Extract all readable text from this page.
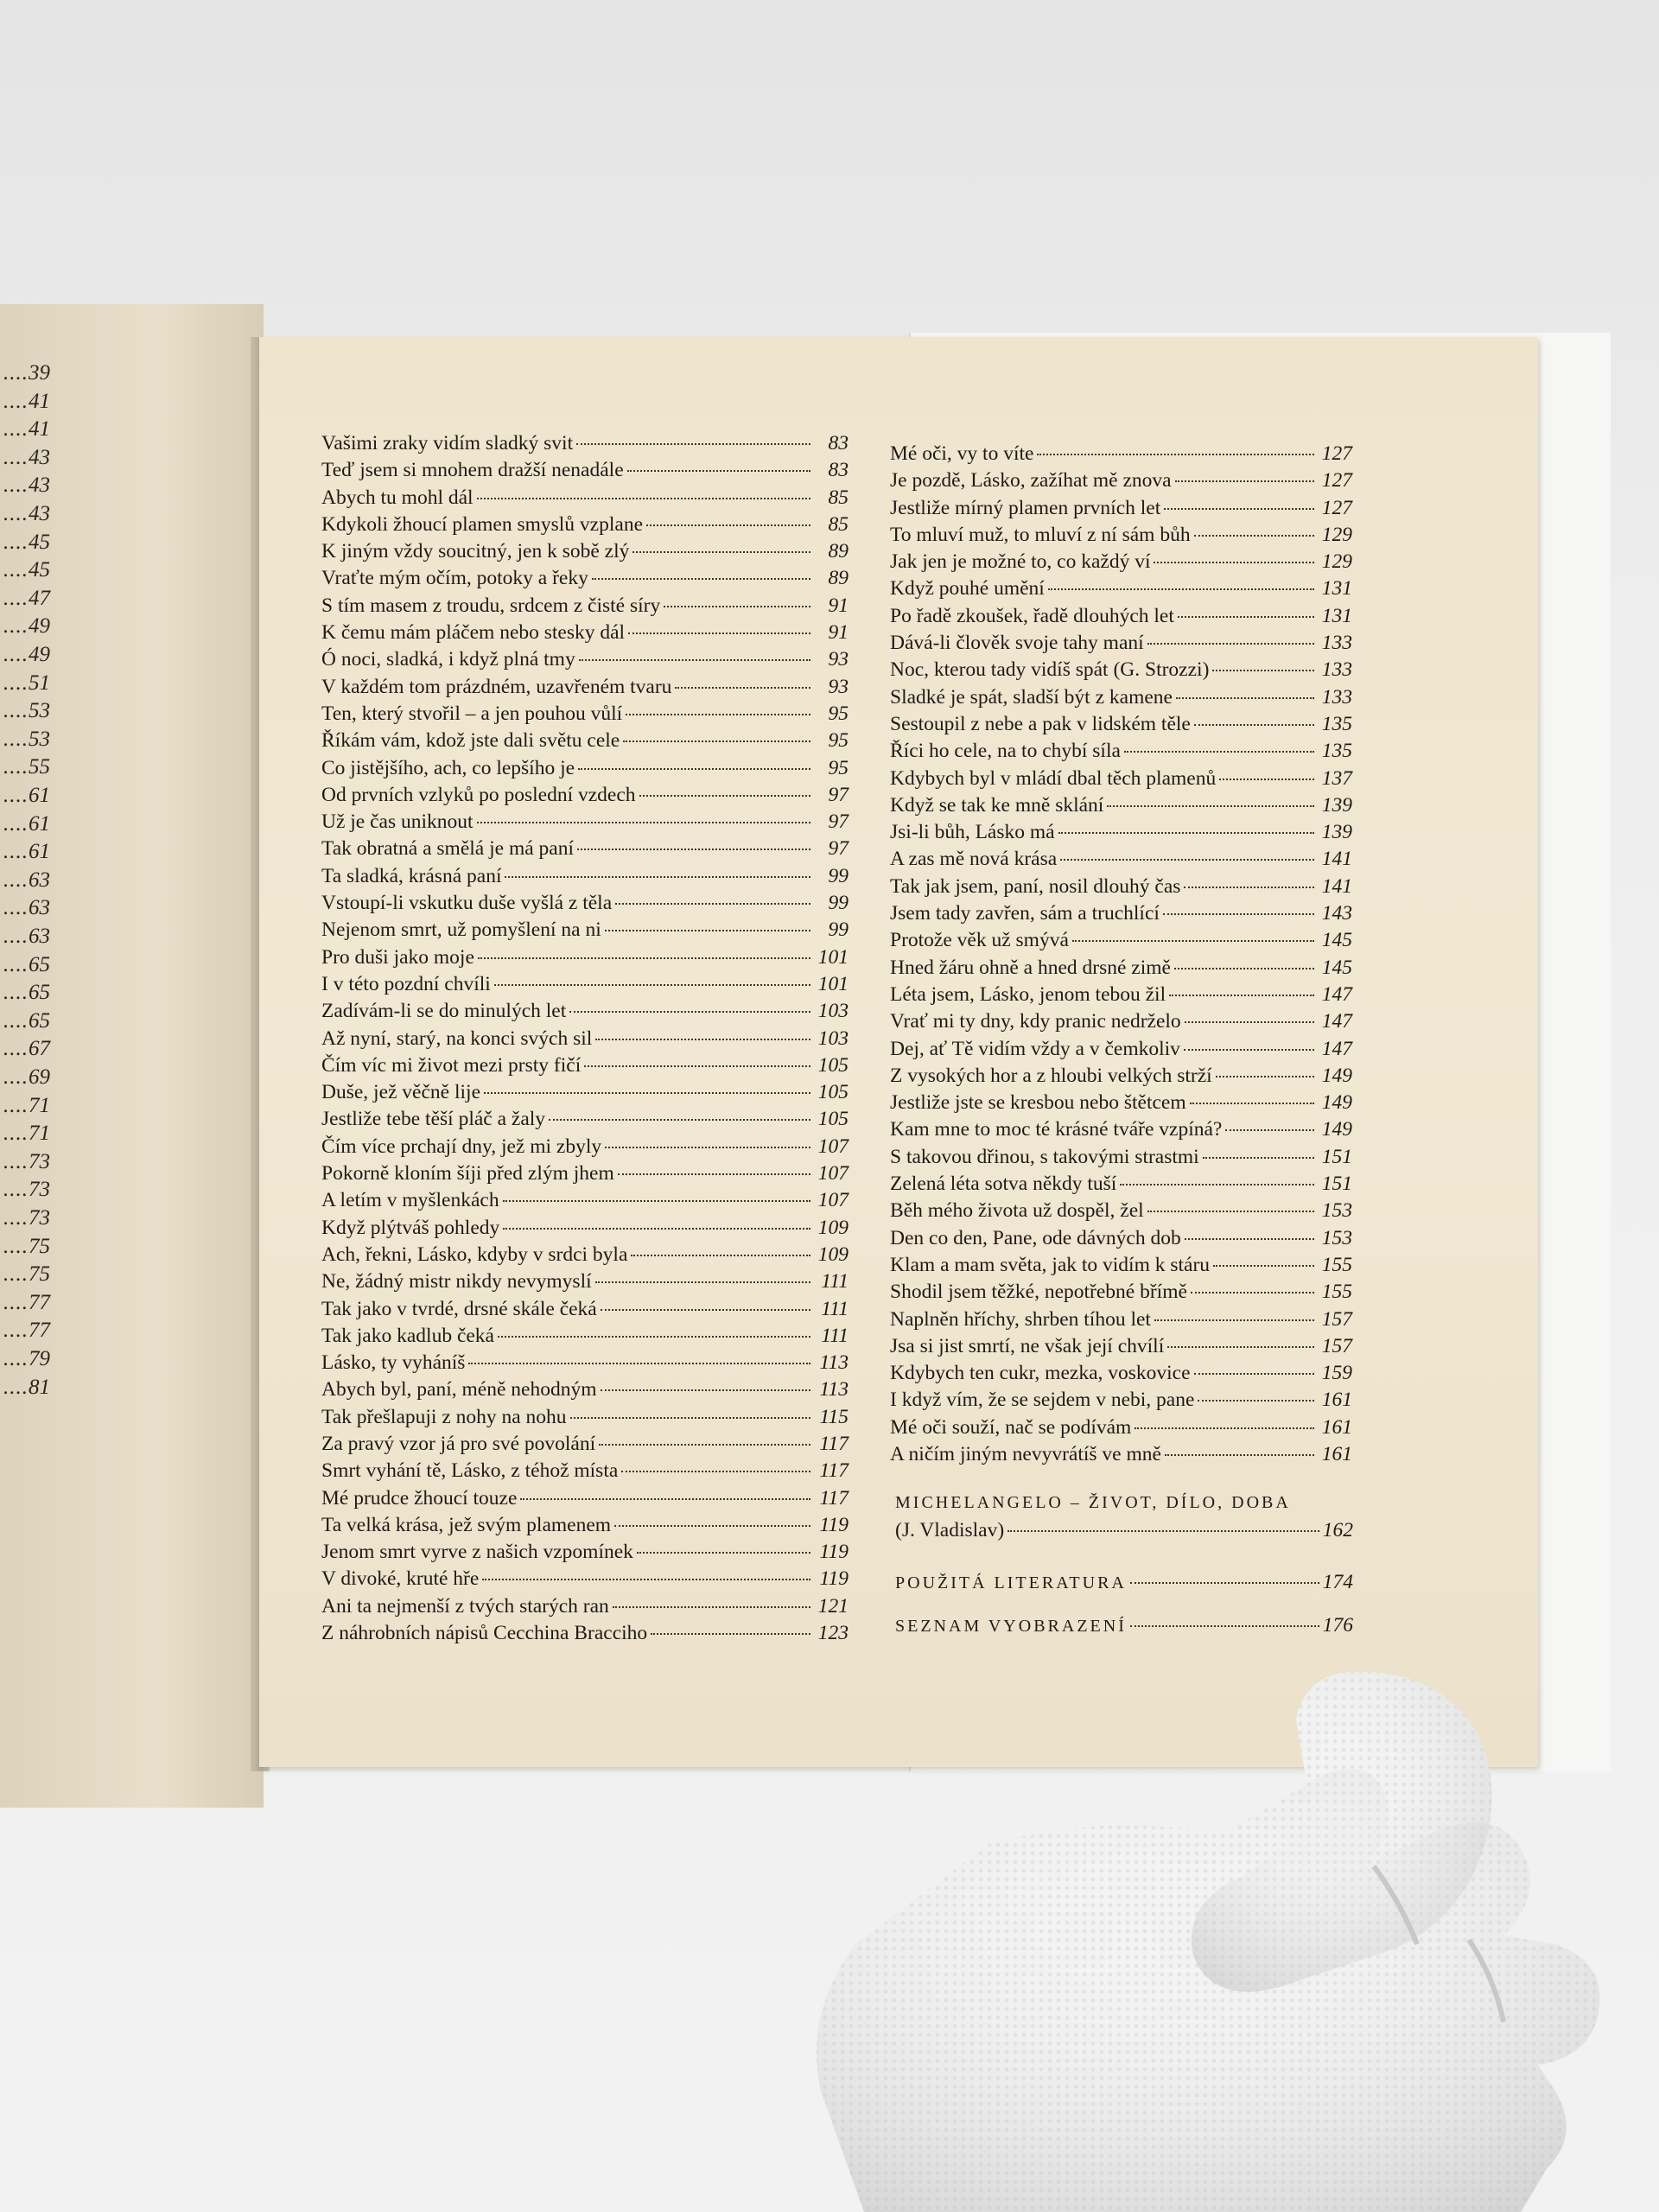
.... 39
.... 41
.... 41
.... 43
.... 43
.... 43
.... 45
.... 45
.... 47
.... 49
.... 49
.... 51
.... 53
.... 53
.... 55
.... 61
.... 61
.... 61
.... 63
.... 63
.... 63
.... 65
.... 65
.... 65
.... 67
.... 69
.... 71
.... 71
.... 73
.... 73
.... 73
.... 75
.... 75
.... 77
.... 77
.... 79
.... 81
Vašimi zraky vidím sladký svit	83
Teď jsem si mnohem dražší nenadále	83
Abych tu mohl dál	85
Kdykoli žhoucí plamen smyslů vzplane	85
K jiným vždy soucitný, jen k sobě zlý	89
Vraťte mým očím, potoky a řeky	89
S tím masem z troudu, srdcem z čisté síry	91
K čemu mám pláčem nebo stesky dál	91
Ó noci, sladká, i když plná tmy	93
V každém tom prázdném, uzavřeném tvaru	93
Ten, který stvořil – a jen pouhou vůlí	95
Říkám vám, kdož jste dali světu cele	95
Co jistějšího, ach, co lepšího je	95
Od prvních vzlyků po poslední vzdech	97
Už je čas uniknout	97
Tak obratná a smělá je má paní	97
Ta sladká, krásná paní	99
Vstoupí-li vskutku duše vyšlá z těla	99
Nejenom smrt, už pomyšlení na ni	99
Pro duši jako moje	101
I v této pozdní chvíli	101
Zadívám-li se do minulých let	103
Až nyní, starý, na konci svých sil	103
Čím víc mi život mezi prsty fičí	105
Duše, jež věčně lije	105
Jestliže tebe těší pláč a žaly	105
Čím více prchají dny, jež mi zbyly	107
Pokorně kloním šíji před zlým jhem	107
A letím v myšlenkách	107
Když plýtváš pohledy	109
Ach, řekni, Lásko, kdyby v srdci byla	109
Ne, žádný mistr nikdy nevymyslí	111
Tak jako v tvrdé, drsné skále čeká	111
Tak jako kadlub čeká	111
Lásko, ty vyháníš	113
Abych byl, paní, méně nehodným	113
Tak přešlapuji z nohy na nohu	115
Za pravý vzor já pro své povolání	117
Smrt vyhání tě, Lásko, z téhož místa	117
Mé prudce žhoucí touze	117
Ta velká krása, jež svým plamenem	119
Jenom smrt vyrve z našich vzpomínek	119
V divoké, kruté hře	119
Ani ta nejmenší z tvých starých ran	121
Z náhrobních nápisů Cecchina Bracciho	123
Mé oči, vy to víte	127
Je pozdě, Lásko, zažíhat mě znova	127
Jestliže mírný plamen prvních let	127
To mluví muž, to mluví z ní sám bůh	129
Jak jen je možné to, co každý ví	129
Když pouhé umění	131
Po řadě zkoušek, řadě dlouhých let	131
Dává-li člověk svoje tahy maní	133
Noc, kterou tady vidíš spát (G. Strozzi)	133
Sladké je spát, sladší být z kamene	133
Sestoupil z nebe a pak v lidském těle	135
Říci ho cele, na to chybí síla	135
Kdybych byl v mládí dbal těch plamenů	137
Když se tak ke mně sklání	139
Jsi-li bůh, Lásko má	139
A zas mě nová krása	141
Tak jak jsem, paní, nosil dlouhý čas	141
Jsem tady zavřen, sám a truchlící	143
Protože věk už smývá	145
Hned žáru ohně a hned drsné zimě	145
Léta jsem, Lásko, jenom tebou žil	147
Vrať mi ty dny, kdy pranic nedrželo	147
Dej, ať Tě vidím vždy a v čemkoliv	147
Z vysokých hor a z hloubi velkých strží	149
Jestliže jste se kresbou nebo štětcem	149
Kam mne to moc té krásné tváře vzpíná?	149
S takovou dřinou, s takovými strastmi	151
Zelená léta sotva někdy tuší	151
Běh mého života už dospěl, žel	153
Den co den, Pane, ode dávných dob	153
Klam a mam světa, jak to vidím k stáru	155
Shodil jsem těžké, nepotřebné břímě	155
Naplněn hříchy, shrben tíhou let	157
Jsa si jist smrtí, ne však její chvílí	157
Kdybych ten cukr, mezka, voskovice	159
I když vím, že se sejdem v nebi, pane	161
Mé oči souží, nač se podívám	161
A ničím jiným nevyvrátíš ve mně	161
MICHELANGELO – ŽIVOT, DÍLO, DOBA
(J. Vladislav)	162
POUŽITÁ LITERATURA	174
SEZNAM VYOBRAZENÍ	176
